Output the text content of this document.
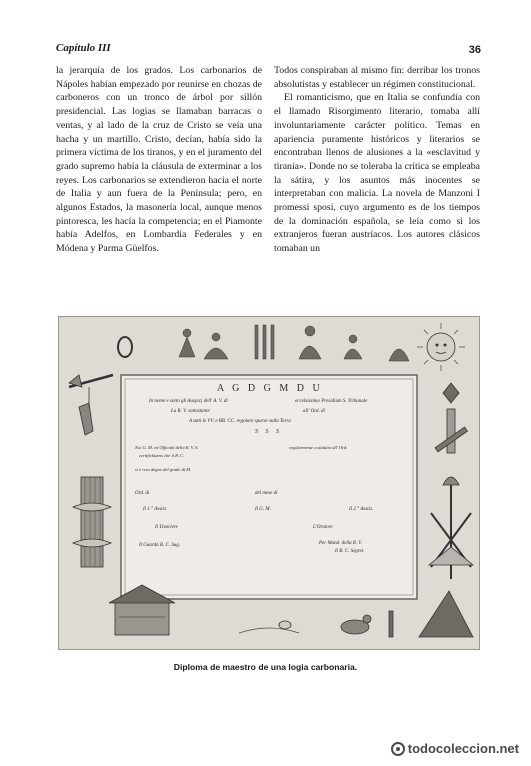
Capítulo III	36

la jerarquía de los grados. Los carbonarios de Nápoles habían empezado por reunirse en chozas de carboneros con un tronco de árbol por sillón presidencial. Las logias se llamaban barracas o ventas, y al lado de la cruz de Cristo se veía una hacha y un martillo. Cristo, decían, había sido la primera víctima de los tiranos, y en el juramento del grado supremo había la cláusula de exterminar a los reyes. Los carbonarios se extendieron hacia el norte de Italia y aun fuera de la Península; pero, en algunos Estados, la masonería local, aunque menos pintoresca, les hacía la competencia; en el Piamonte había Adelfos, en Lombardía Federales y en Módena y Parma Güelfos.

Todos conspiraban al mismo fin: derribar los tronos absolutistas y establecer un régimen constitucional.

El romanticismo, que en Italia se confundía con el llamado Risorgimento literario, tomaba allí involuntariamente carácter político. Temas en apariencia puramente históricos y literarios se encontraban llenos de alusiones a la «esclavitud y tiranía». Donde no se toleraba la crítica se empleaba la sátira, y los asuntos más inocentes se interpretaban con malicia. La novela de Manzoni I promessi sposi, cuyo argumento es de los tiempos de la dominación española, se leía como si los extranjeros fueran austríacos. Los autores clásicos tomaban un

A G D G M D U
In nome e sotto gli Auspicj dell' A. V. di	eccelsissimo Presidium S. Tribunale
La R. V. sottostante	all' Ord. di
A tutti le VV. e BB. CC. regolare sparse sulla Terra
S S S
Noi G. M. ed Officiali della R. V. S.	regolarmente costituita all' Ord.
certifichiamo che il B. C.
si è reso degno del grado di M.
Ord. di	del mese di
Il 1.° Assist.	Il G. M.	Il 2.° Assist.
Il Tesoriere	L'Oratore
Il Guarda B. C. Sug.	Per Mand. della R. V.
Il B. C. Segret.
Diploma de maestro de una logia carbonaria.
todocoleccion.net
